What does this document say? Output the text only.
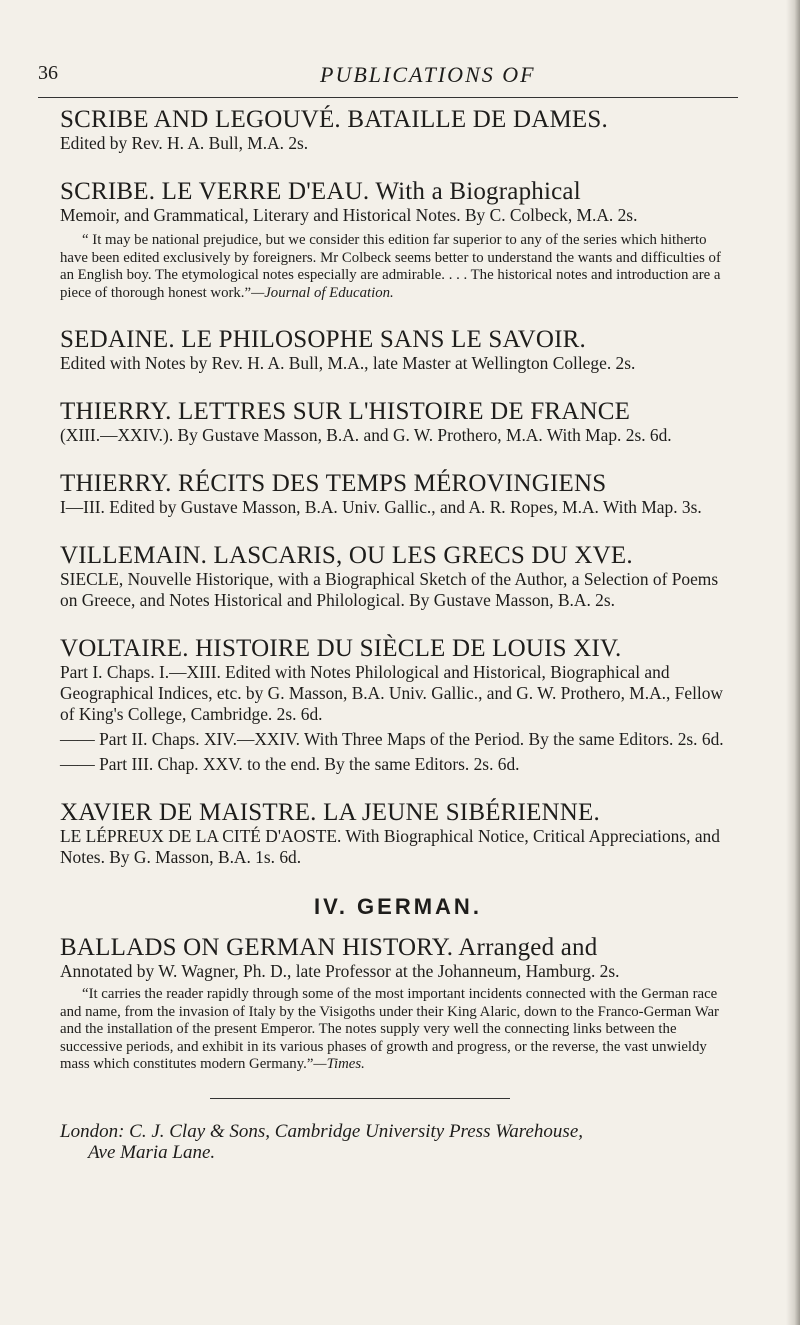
36	PUBLICATIONS OF
SCRIBE AND LEGOUVÉ. BATAILLE DE DAMES.
Edited by Rev. H. A. Bull, M.A. 2s.
SCRIBE. LE VERRE D'EAU. With a Biographical
Memoir, and Grammatical, Literary and Historical Notes. By C. Colbeck, M.A. 2s.
“ It may be national prejudice, but we consider this edition far superior to any of the series which hitherto have been edited exclusively by foreigners. Mr Colbeck seems better to understand the wants and difficulties of an English boy. The etymological notes especially are admirable. . . . The historical notes and introduction are a piece of thorough honest work.”—Journal of Education.
SEDAINE. LE PHILOSOPHE SANS LE SAVOIR.
Edited with Notes by Rev. H. A. Bull, M.A., late Master at Wellington College. 2s.
THIERRY. LETTRES SUR L'HISTOIRE DE FRANCE
(XIII.—XXIV.). By Gustave Masson, B.A. and G. W. Prothero, M.A. With Map. 2s. 6d.
THIERRY. RÉCITS DES TEMPS MÉROVINGIENS
I—III. Edited by Gustave Masson, B.A. Univ. Gallic., and A. R. Ropes, M.A. With Map. 3s.
VILLEMAIN. LASCARIS, OU LES GRECS DU XVE.
SIECLE, Nouvelle Historique, with a Biographical Sketch of the Author, a Selection of Poems on Greece, and Notes Historical and Philological. By Gustave Masson, B.A. 2s.
VOLTAIRE. HISTOIRE DU SIÈCLE DE LOUIS XIV.
Part I. Chaps. I.—XIII. Edited with Notes Philological and Historical, Biographical and Geographical Indices, etc. by G. Masson, B.A. Univ. Gallic., and G. W. Prothero, M.A., Fellow of King's College, Cambridge. 2s. 6d.
—— Part II. Chaps. XIV.—XXIV. With Three Maps of the Period. By the same Editors. 2s. 6d.
—— Part III. Chap. XXV. to the end. By the same Editors. 2s. 6d.
XAVIER DE MAISTRE. LA JEUNE SIBÉRIENNE.
LE LÉPREUX DE LA CITÉ D'AOSTE. With Biographical Notice, Critical Appreciations, and Notes. By G. Masson, B.A. 1s. 6d.
IV. GERMAN.
BALLADS ON GERMAN HISTORY. Arranged and
Annotated by W. Wagner, Ph. D., late Professor at the Johanneum, Hamburg. 2s.
“It carries the reader rapidly through some of the most important incidents connected with the German race and name, from the invasion of Italy by the Visigoths under their King Alaric, down to the Franco-German War and the installation of the present Emperor. The notes supply very well the connecting links between the successive periods, and exhibit in its various phases of growth and progress, or the reverse, the vast unwieldy mass which constitutes modern Germany.”—Times.
London: C. J. Clay & Sons, Cambridge University Press Warehouse,
Ave Maria Lane.
